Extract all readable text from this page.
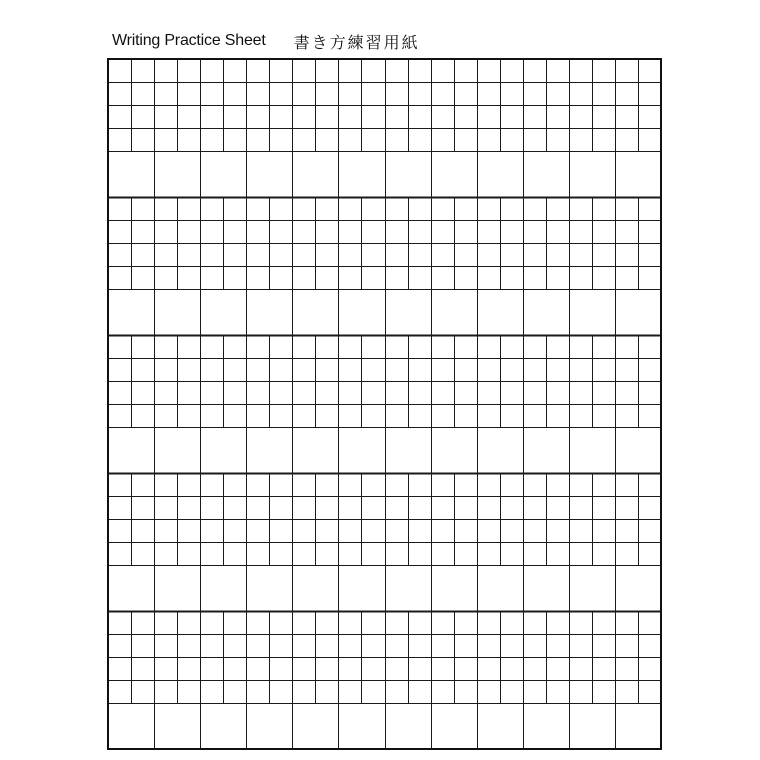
Writing Practice Sheet 書き方練習用紙
